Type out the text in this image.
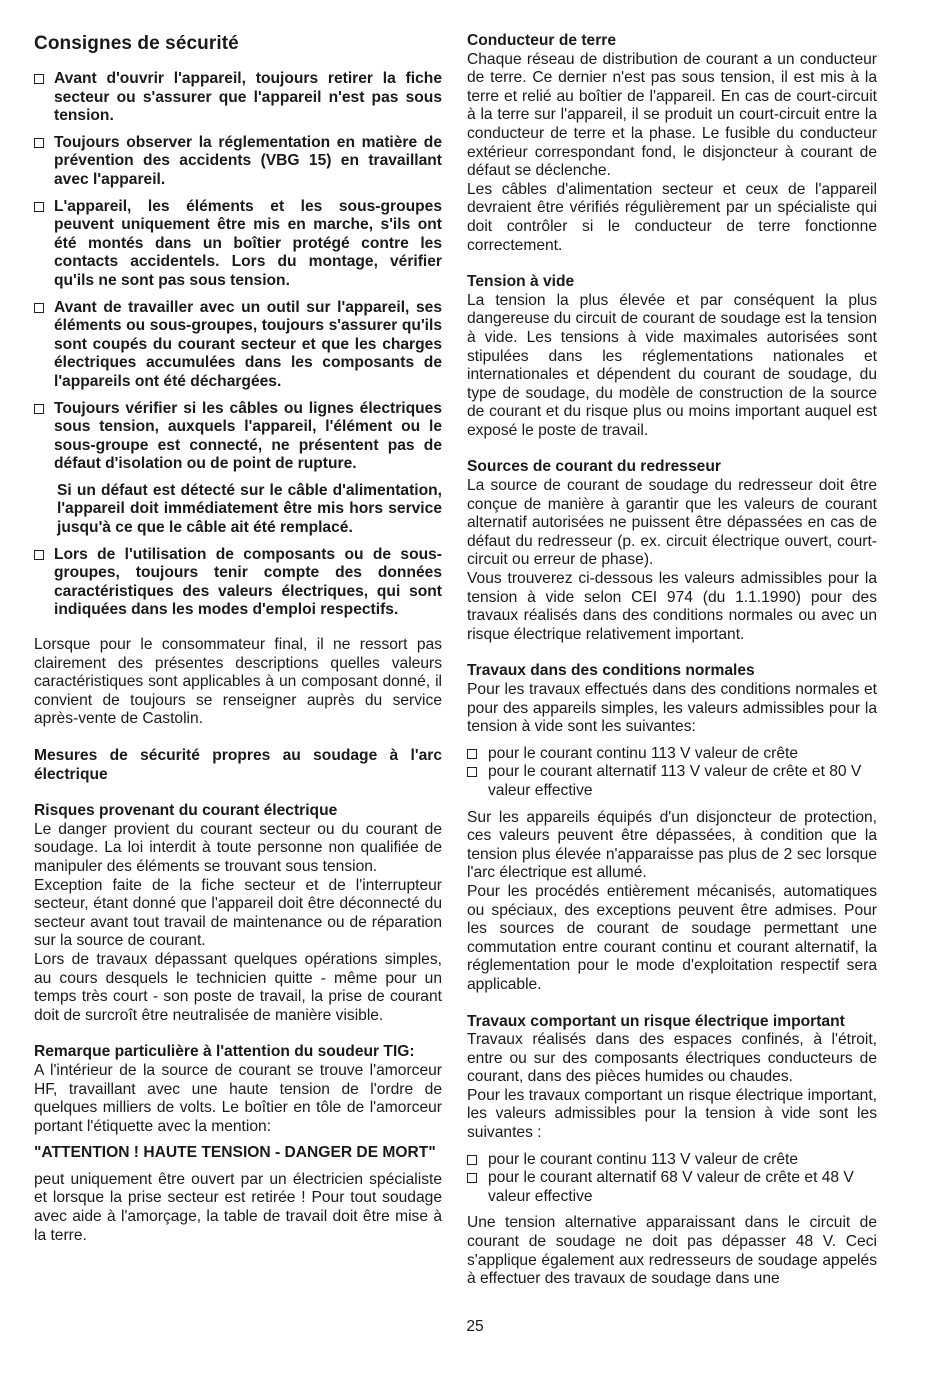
Consignes de sécurité
Avant d'ouvrir l'appareil, toujours retirer la fiche secteur ou s'assurer que l'appareil n'est pas sous tension.
Toujours observer la réglementation en matière de prévention des accidents (VBG 15) en travaillant avec l'appareil.
L'appareil, les éléments et les sous-groupes peuvent uniquement être mis en marche, s'ils ont été montés dans un boîtier protégé contre les contacts accidentels. Lors du montage, vérifier qu'ils ne sont pas sous tension.
Avant de travailler avec un outil sur l'appareil, ses éléments ou sous-groupes, toujours s'assurer qu'ils sont coupés du courant secteur et que les charges électriques accumulées dans les composants de l'appareils ont été déchargées.
Toujours vérifier si les câbles ou lignes électriques sous tension, auxquels l'appareil, l'élément ou le sous-groupe est connecté, ne présentent pas de défaut d'isolation ou de point de rupture.

Si un défaut est détecté sur le câble d'alimentation, l'appareil doit immédiatement être mis hors service jusqu'à ce que le câble ait été remplacé.

Lors de l'utilisation de composants ou de sous-groupes, toujours tenir compte des données caractéristiques des valeurs électriques, qui sont indiquées dans les modes d'emploi respectifs.

Lorsque pour le consommateur final, il ne ressort pas clairement des présentes descriptions quelles valeurs caractéristiques sont applicables à un composant donné, il convient de toujours se renseigner auprès du service après-vente de Castolin.

Mesures de sécurité propres au soudage à l'arc électrique

Risques provenant du courant électrique

Le danger provient du courant secteur ou du courant de soudage. La loi interdit à toute personne non qualifiée de manipuler des éléments se trouvant sous tension.

Exception faite de la fiche secteur et de l'interrupteur secteur, étant donné que l'appareil doit être déconnecté du secteur avant tout travail de maintenance ou de réparation sur la source de courant.

Lors de travaux dépassant quelques opérations simples, au cours desquels le technicien quitte - même pour un temps très court - son poste de travail, la prise de courant doit de surcroît être neutralisée de manière visible.

Remarque particulière à l'attention du soudeur TIG:

A l'intérieur de la source de courant se trouve l'amorceur HF, travaillant avec une haute tension de l'ordre de quelques milliers de volts. Le boîtier en tôle de l'amorceur portant l'étiquette avec la mention:

"ATTENTION ! HAUTE TENSION - DANGER DE MORT"

peut uniquement être ouvert par un électricien spécialiste et lorsque la prise secteur est retirée ! Pour tout soudage avec aide à l'amorçage, la table de travail doit être mise à la terre.

Conducteur de terre

Chaque réseau de distribution de courant a un conducteur de terre. Ce dernier n'est pas sous tension, il est mis à la terre et relié au boîtier de l'appareil. En cas de court-circuit à la terre sur l'appareil, il se produit un court-circuit entre la conducteur de terre et la phase. Le fusible du conducteur extérieur correspondant fond, le disjoncteur à courant de défaut se déclenche.

Les câbles d'alimentation secteur et ceux de l'appareil devraient être vérifiés régulièrement par un spécialiste qui doit contrôler si le conducteur de terre fonctionne correctement.

Tension à vide

La tension la plus élevée et par conséquent la plus dangereuse du circuit de courant de soudage est la tension à vide. Les tensions à vide maximales autorisées sont stipulées dans les réglementations nationales et internationales et dépendent du courant de soudage, du type de soudage, du modèle de construction de la source de courant et du risque plus ou moins important auquel est exposé le poste de travail.

Sources de courant du redresseur

La source de courant de soudage du redresseur doit être conçue de manière à garantir que les valeurs de courant alternatif autorisées ne puissent être dépassées en cas de défaut du redresseur (p. ex. circuit électrique ouvert, court-circuit ou erreur de phase).

Vous trouverez ci-dessous les valeurs admissibles pour la tension à vide selon CEI 974 (du 1.1.1990) pour des travaux réalisés dans des conditions normales ou avec un risque électrique relativement important.

Travaux dans des conditions normales

Pour les travaux effectués dans des conditions normales et pour des appareils simples, les valeurs admissibles pour la tension à vide sont les suivantes:

pour le courant continu 113 V valeur de crête
pour le courant alternatif 113 V valeur de crête et 80 V valeur effective

Sur les appareils équipés d'un disjoncteur de protection, ces valeurs peuvent être dépassées, à condition que la tension plus élevée n'apparaisse pas plus de 2 sec lorsque l'arc électrique est allumé.

Pour les procédés entièrement mécanisés, automatiques ou spéciaux, des exceptions peuvent être admises. Pour les sources de courant de soudage permettant une commutation entre courant continu et courant alternatif, la réglementation pour le mode d'exploitation respectif sera applicable.

Travaux comportant un risque électrique important

Travaux réalisés dans des espaces confinés, à l'étroit, entre ou sur des composants électriques conducteurs de courant, dans des pièces humides ou chaudes.

Pour les travaux comportant un risque électrique important, les valeurs admissibles pour la tension à vide sont les suivantes :

pour le courant continu 113 V valeur de crête
pour le courant alternatif 68 V valeur de crête et 48 V valeur effective

Une tension alternative apparaissant dans le circuit de courant de soudage ne doit pas dépasser 48 V. Ceci s'applique également aux redresseurs de soudage appelés à effectuer des travaux de soudage dans une

25
